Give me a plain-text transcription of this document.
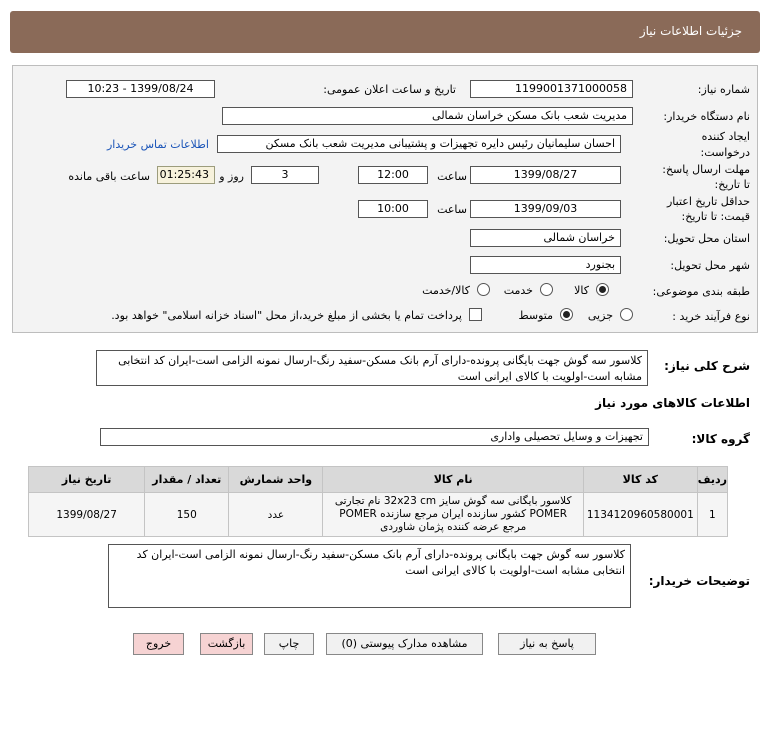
جزئیات اطلاعات نیاز
شماره نیاز:
1199001371000058
تاریخ و ساعت اعلان عمومی:
1399/08/24 - 10:23
نام دستگاه خریدار:
مدیریت شعب بانک مسکن خراسان شمالی
ایجاد کننده
درخواست:
احسان سلیمانیان رئیس دایره تجهیزات و پشتیبانی مدیریت شعب بانک مسکن
اطلاعات تماس خریدار
مهلت ارسال پاسخ:
تا تاریخ:
1399/08/27
ساعت
12:00
3
روز و
01:25:43
ساعت باقی مانده
حداقل تاریخ اعتبار
قیمت: تا تاریخ:
1399/09/03
ساعت
10:00
استان محل تحویل:
خراسان شمالی
شهر محل تحویل:
بجنورد
طبقه بندی موضوعی:
کالا
خدمت
کالا/خدمت
نوع فرآیند خرید :
جزیی
متوسط
پرداخت تمام یا بخشی از مبلغ خرید،از محل "اسناد خزانه اسلامی" خواهد بود.
شرح کلی نیاز:
کلاسور سه گوش جهت بایگانی پرونده-دارای آرم بانک مسکن-سفید رنگ-ارسال نمونه الزامی است-ایران کد انتخابی مشابه است-اولویت با کالای ایرانی است
اطلاعات کالاهای مورد نیاز
گروه کالا:
تجهیزات و وسایل تحصیلی واداری
تاریخ نیاز	تعداد / مقدار	واحد شمارش	نام کالا	کد کالا	ردیف
1399/08/27	150	عدد	کلاسور بایگانی سه گوش سایز 32x23 cm نام تجارتی POMER کشور سازنده ایران مرجع سازنده POMER مرجع عرضه کننده پژمان شاوردی	1134120960580001	1
توضیحات خریدار:
کلاسور سه گوش جهت بایگانی پرونده-دارای آرم بانک مسکن-سفید رنگ-ارسال نمونه الزامی است-ایران کد انتخابی مشابه است-اولویت با کالای ایرانی است
پاسخ به نیاز
مشاهده مدارک پیوستی (0)
چاپ
بازگشت
خروج
